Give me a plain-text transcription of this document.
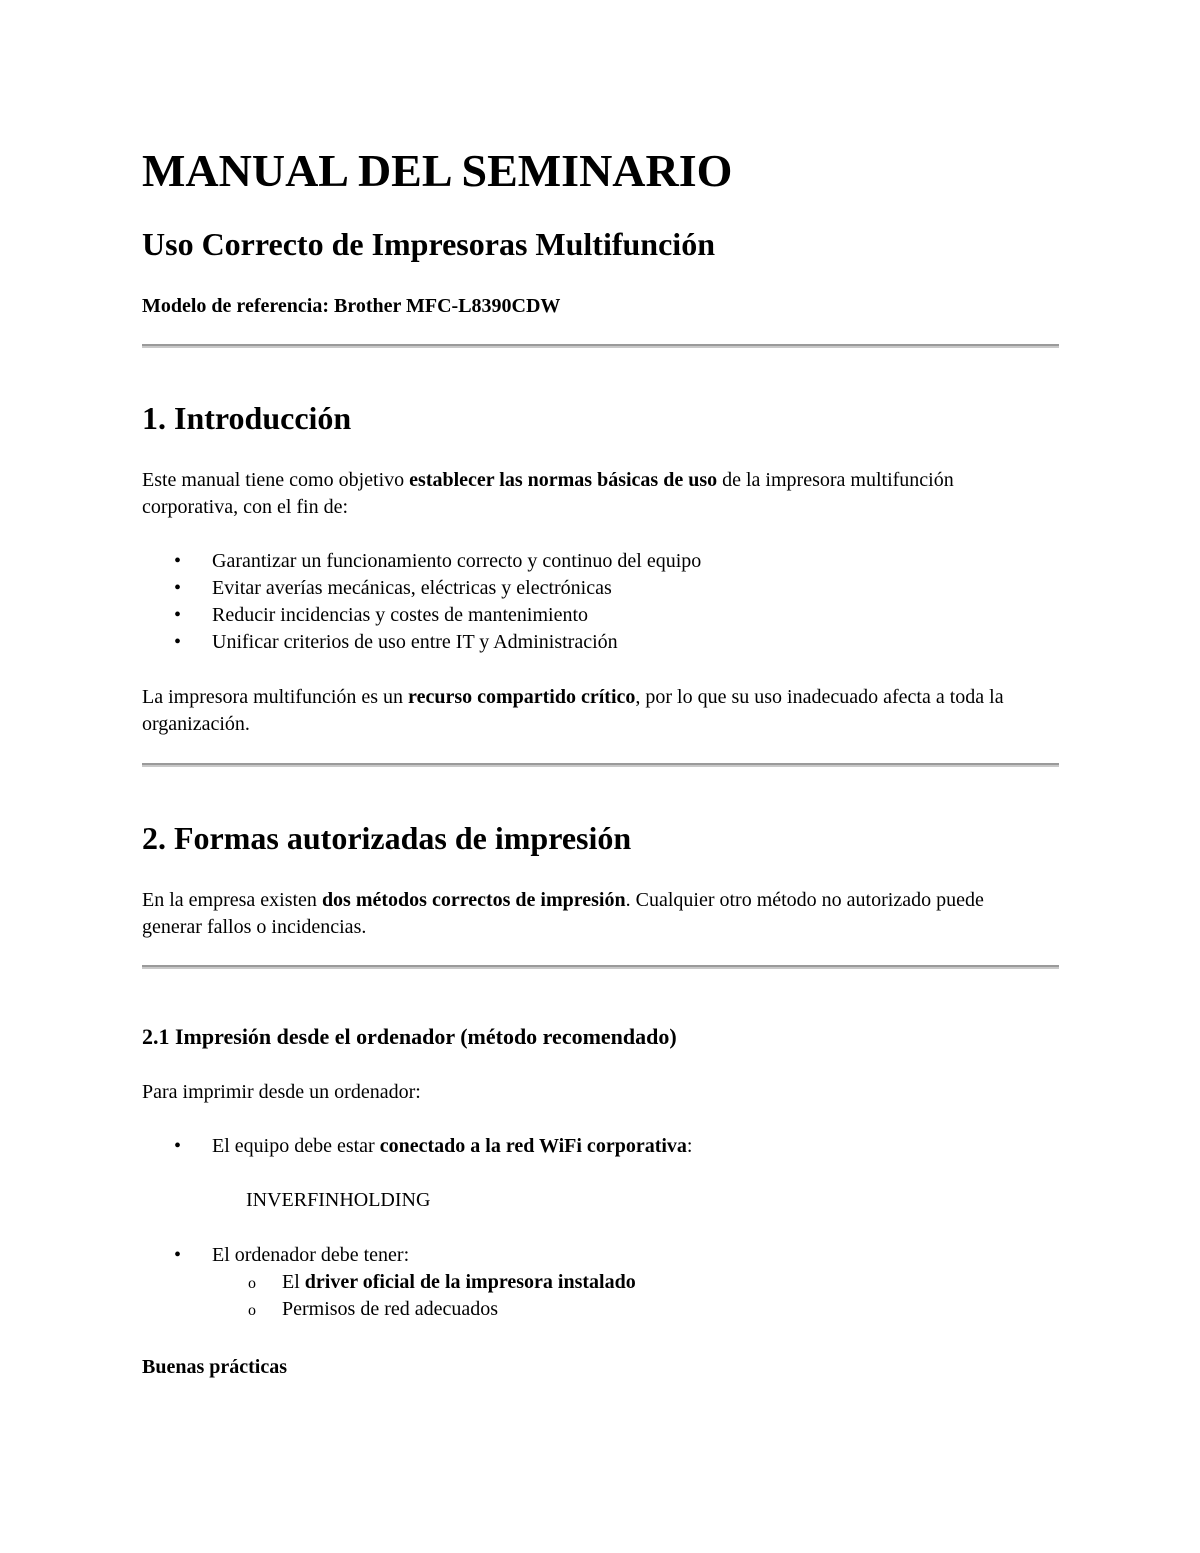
MANUAL DEL SEMINARIO
Uso Correcto de Impresoras Multifunción

Modelo de referencia: Brother MFC-L8390CDW

1. Introducción

Este manual tiene como objetivo establecer las normas básicas de uso de la impresora multifunción corporativa, con el fin de:

• Garantizar un funcionamiento correcto y continuo del equipo
• Evitar averías mecánicas, eléctricas y electrónicas
• Reducir incidencias y costes de mantenimiento
• Unificar criterios de uso entre IT y Administración

La impresora multifunción es un recurso compartido crítico, por lo que su uso inadecuado afecta a toda la organización.

2. Formas autorizadas de impresión

En la empresa existen dos métodos correctos de impresión. Cualquier otro método no autorizado puede generar fallos o incidencias.

2.1 Impresión desde el ordenador (método recomendado)

Para imprimir desde un ordenador:

• El equipo debe estar conectado a la red WiFi corporativa:

INVERFINHOLDING

• El ordenador debe tener:
o El driver oficial de la impresora instalado
o Permisos de red adecuados

Buenas prácticas
